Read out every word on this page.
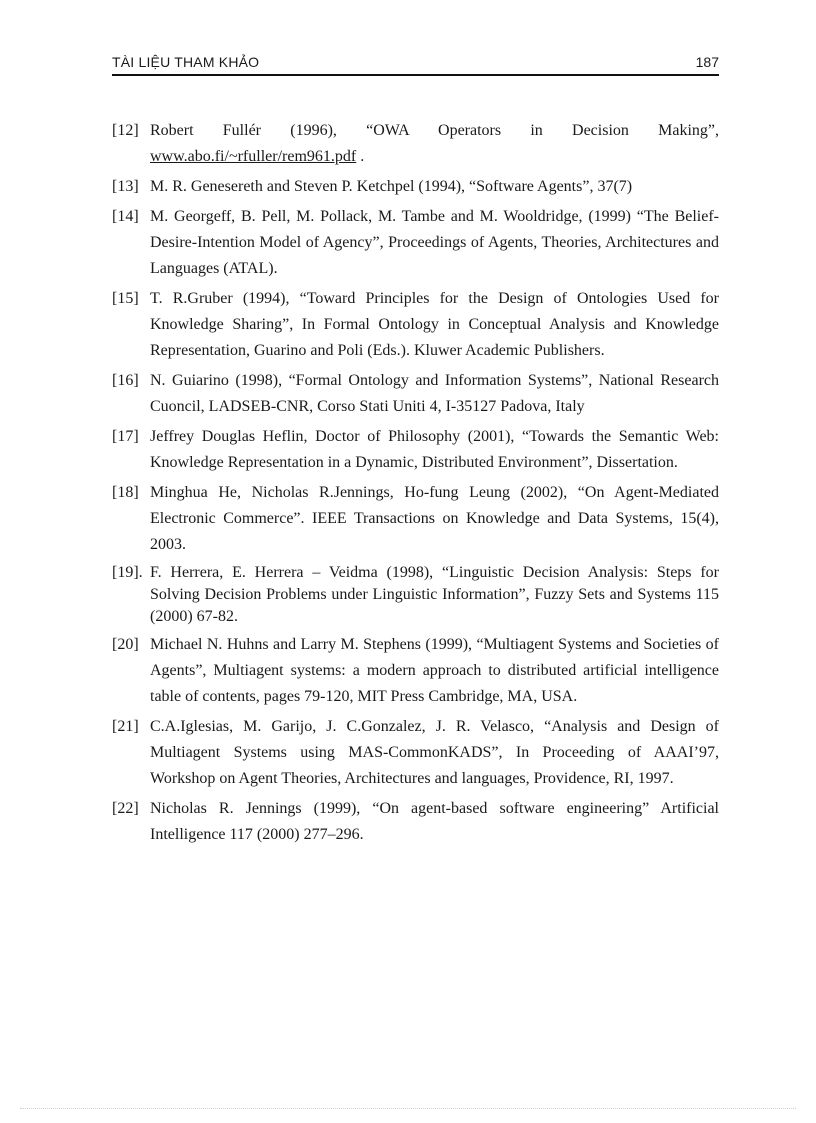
TÀI LIỆU THAM KHẢO	187
[12] Robert Fullér (1996), “OWA Operators in Decision Making”, www.abo.fi/~rfuller/rem961.pdf .
[13] M. R. Genesereth and Steven P. Ketchpel (1994), “Software Agents”, 37(7)
[14] M. Georgeff, B. Pell, M. Pollack, M. Tambe and M. Wooldridge, (1999) “The Belief-Desire-Intention Model of Agency”, Proceedings of Agents, Theories, Architectures and Languages (ATAL).
[15] T. R.Gruber (1994), “Toward Principles for the Design of Ontologies Used for Knowledge Sharing”, In Formal Ontology in Conceptual Analysis and Knowledge Representation, Guarino and Poli (Eds.). Kluwer Academic Publishers.
[16] N. Guiarino (1998), “Formal Ontology and Information Systems”, National Research Cuoncil, LADSEB-CNR, Corso Stati Uniti 4, I-35127 Padova, Italy
[17] Jeffrey Douglas Heflin, Doctor of Philosophy (2001), “Towards the Semantic Web: Knowledge Representation in a Dynamic, Distributed Environment”, Dissertation.
[18] Minghua He, Nicholas R.Jennings, Ho-fung Leung (2002), “On Agent-Mediated Electronic Commerce”. IEEE Transactions on Knowledge and Data Systems, 15(4), 2003.
[19]. F. Herrera, E. Herrera – Veidma (1998), “Linguistic Decision Analysis: Steps for Solving Decision Problems under Linguistic Information”, Fuzzy Sets and Systems 115 (2000) 67-82.
[20] Michael N. Huhns and Larry M. Stephens (1999), “Multiagent Systems and Societies of Agents”, Multiagent systems: a modern approach to distributed artificial intelligence table of contents, pages 79-120, MIT Press Cambridge, MA, USA.
[21] C.A.Iglesias, M. Garijo, J. C.Gonzalez, J. R. Velasco, “Analysis and Design of Multiagent Systems using MAS-CommonKADS”, In Proceeding of AAAI’97, Workshop on Agent Theories, Architectures and languages, Providence, RI, 1997.
[22] Nicholas R. Jennings (1999), “On agent-based software engineering” Artificial Intelligence 117 (2000) 277–296.
